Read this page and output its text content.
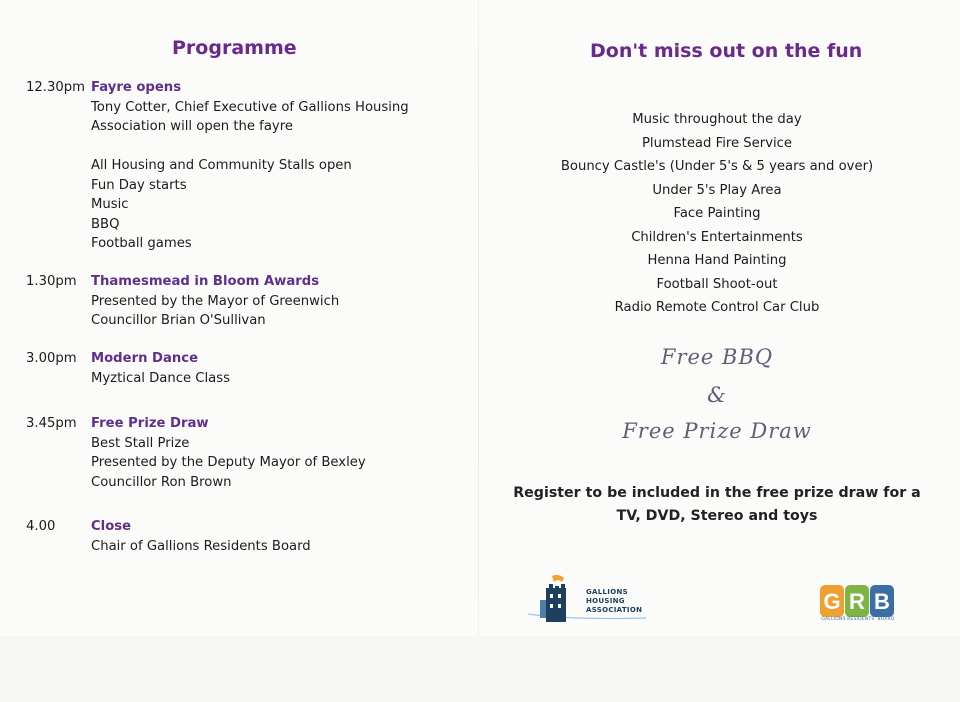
Programme
12.30pm Fayre opens
Tony Cotter, Chief Executive of Gallions Housing
Association will open the fayre
All Housing and Community Stalls open
Fun Day starts
Music
BBQ
Football games
1.30pm	Thamesmead in Bloom Awards
Presented by the Mayor of Greenwich
Councillor Brian O'Sullivan
3.00pm	Modern Dance
Myztical Dance Class
3.45pm	Free Prize Draw
Best Stall Prize
Presented by the Deputy Mayor of Bexley
Councillor Ron Brown
4.00	Close
Chair of Gallions Residents Board
Don't miss out on the fun
Music throughout the day
Plumstead Fire Service
Bouncy Castle's (Under 5's & 5 years and over)
Under 5's Play Area
Face Painting
Children's Entertainments
Henna Hand Painting
Football Shoot-out
Radio Remote Control Car Club
Free BBQ
&
Free Prize Draw
Register to be included in the free prize draw for a
TV, DVD, Stereo and toys
GALLIONS
HOUSING
ASSOCIATION	G R B
GALLIONS RESIDENTS' BOARD
